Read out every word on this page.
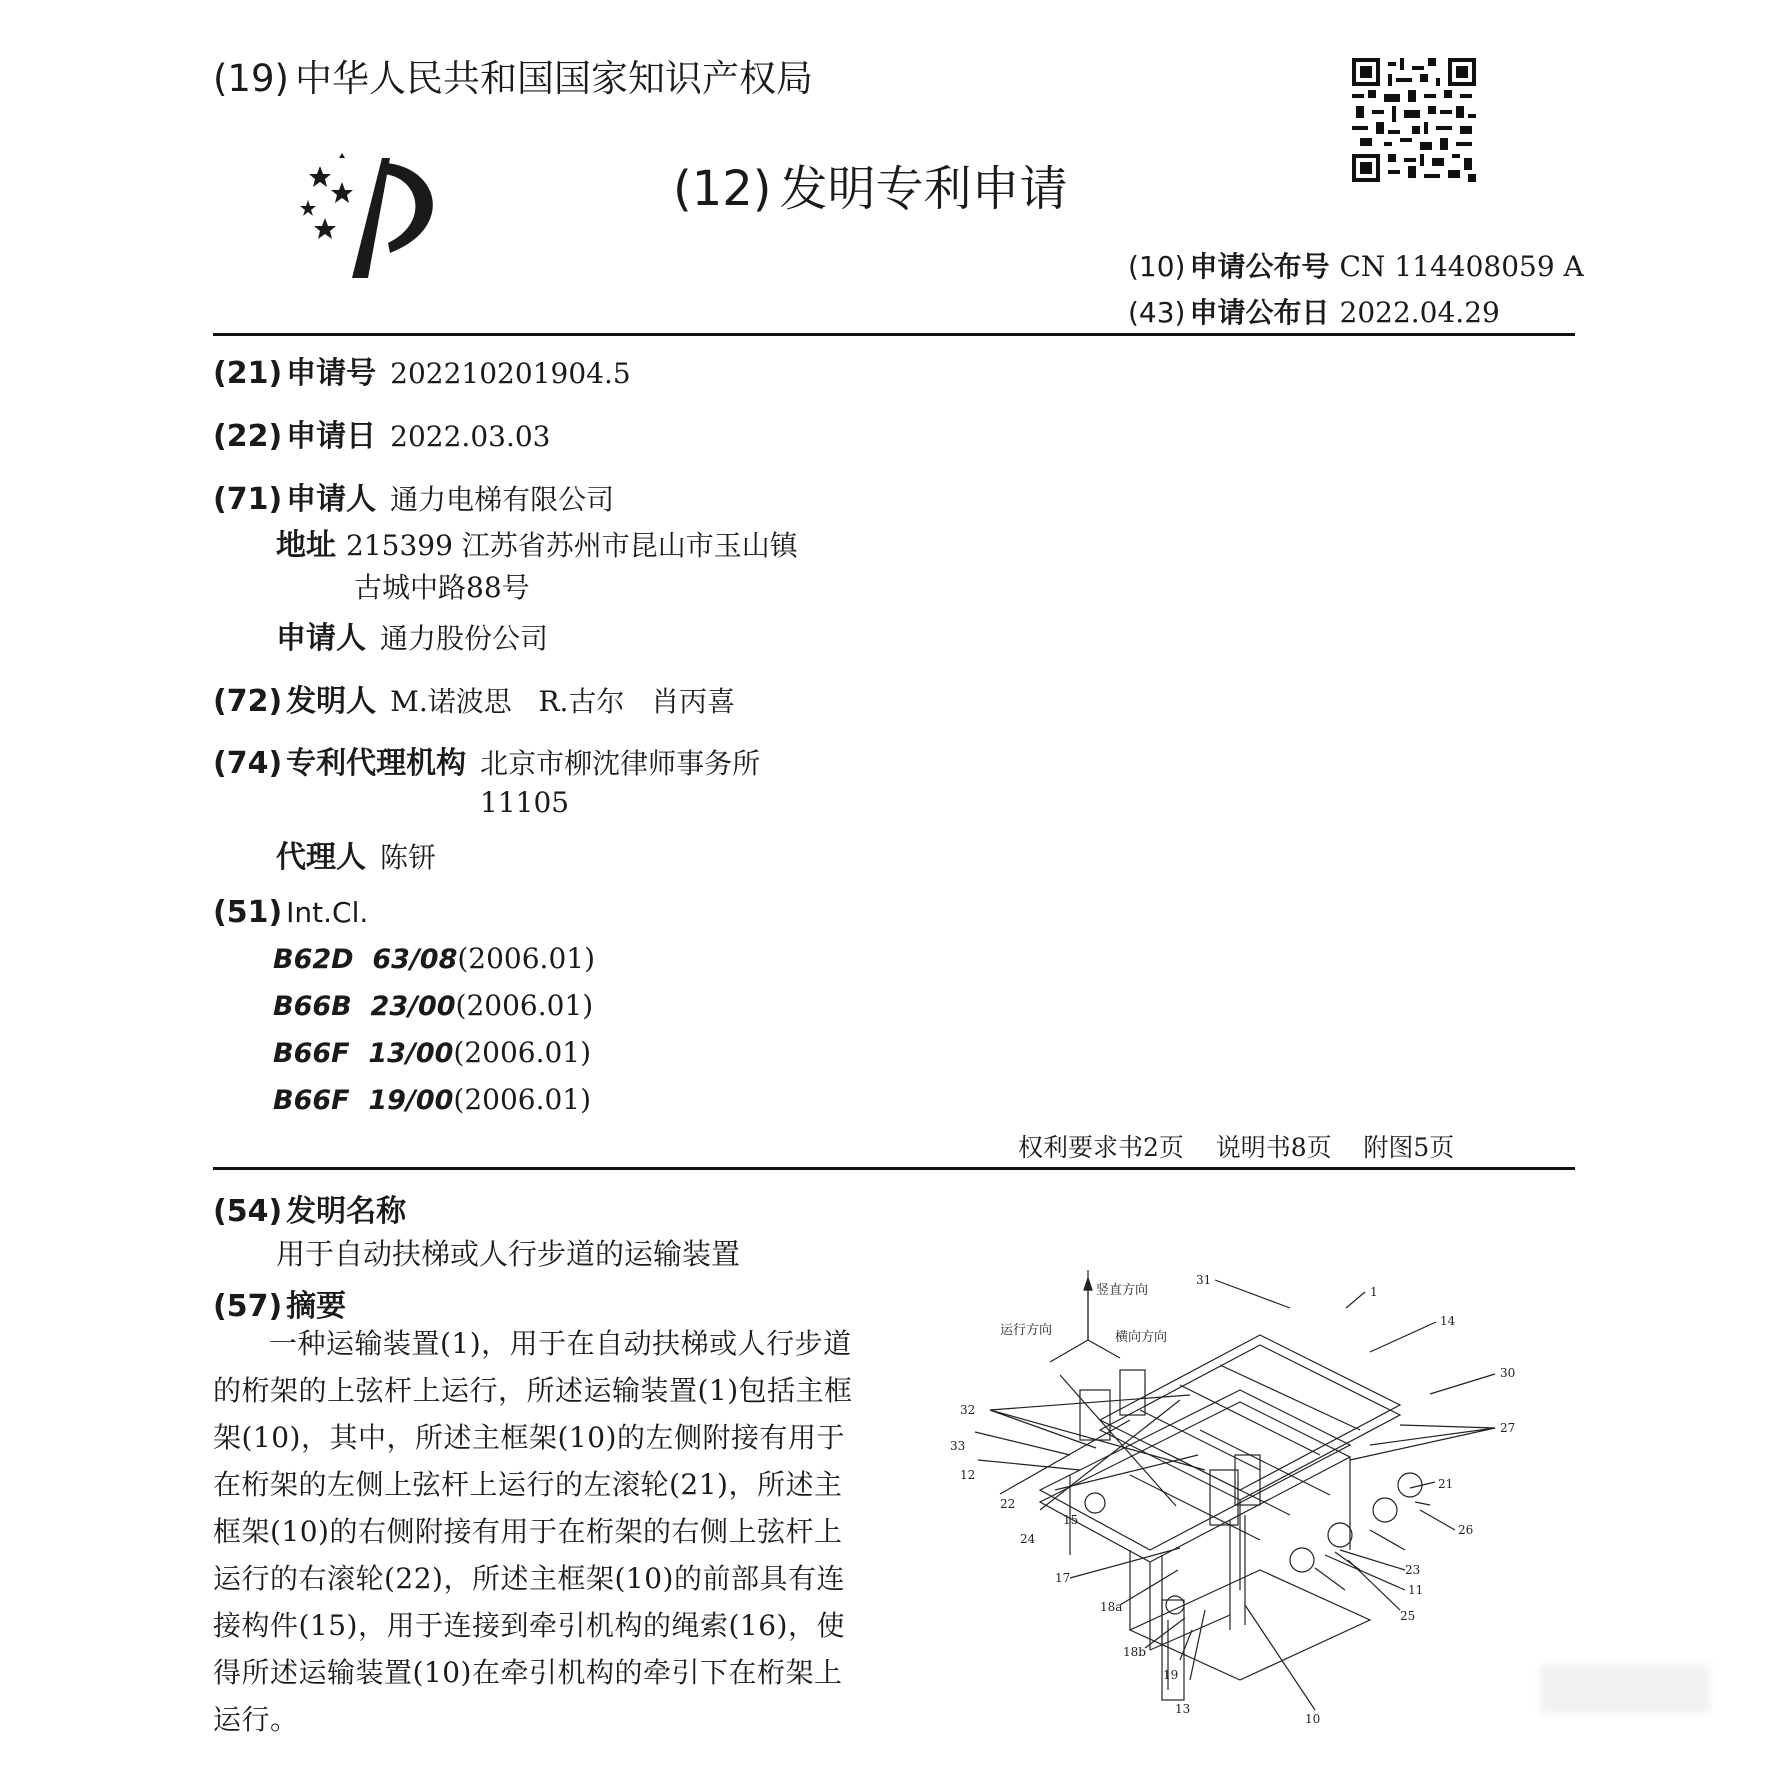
(19) 中华人民共和国国家知识产权局
(12) 发明专利申请
(10) 申请公布号 CN 114408059 A
(43) 申请公布日 2022.04.29
(21) 申请号 202210201904.5
(22) 申请日 2022.03.03
(71) 申请人 通力电梯有限公司
地址 215399 江苏省苏州市昆山市玉山镇
古城中路88号
申请人 通力股份公司
(72) 发明人 M.诺波思   R.古尔   肖丙喜
(74) 专利代理机构 北京市柳沈律师事务所
11105
代理人 陈钘
(51) Int.Cl.
B62D  63/08(2006.01)
B66B  23/00(2006.01)
B66F  13/00(2006.01)
B66F  19/00(2006.01)
权利要求书2页    说明书8页    附图5页
(54) 发明名称
用于自动扶梯或人行步道的运输装置
(57) 摘要
一种运输装置(1)，用于在自动扶梯或人行步道的桁架的上弦杆上运行，所述运输装置(1)包括主框架(10)，其中，所述主框架(10)的左侧附接有用于在桁架的左侧上弦杆上运行的左滚轮(21)，所述主框架(10)的右侧附接有用于在桁架的右侧上弦杆上运行的右滚轮(22)，所述主框架(10)的前部具有连接构件(15)，用于连接到牵引机构的绳索(16)，使得所述运输装置(10)在牵引机构的牵引下在桁架上运行。
竖直方向
运行方向	横向方向
1
31
14
30
32
33
12
22
24
15
17
18a
18b
19
13
10
21
23
26
25
11
27
